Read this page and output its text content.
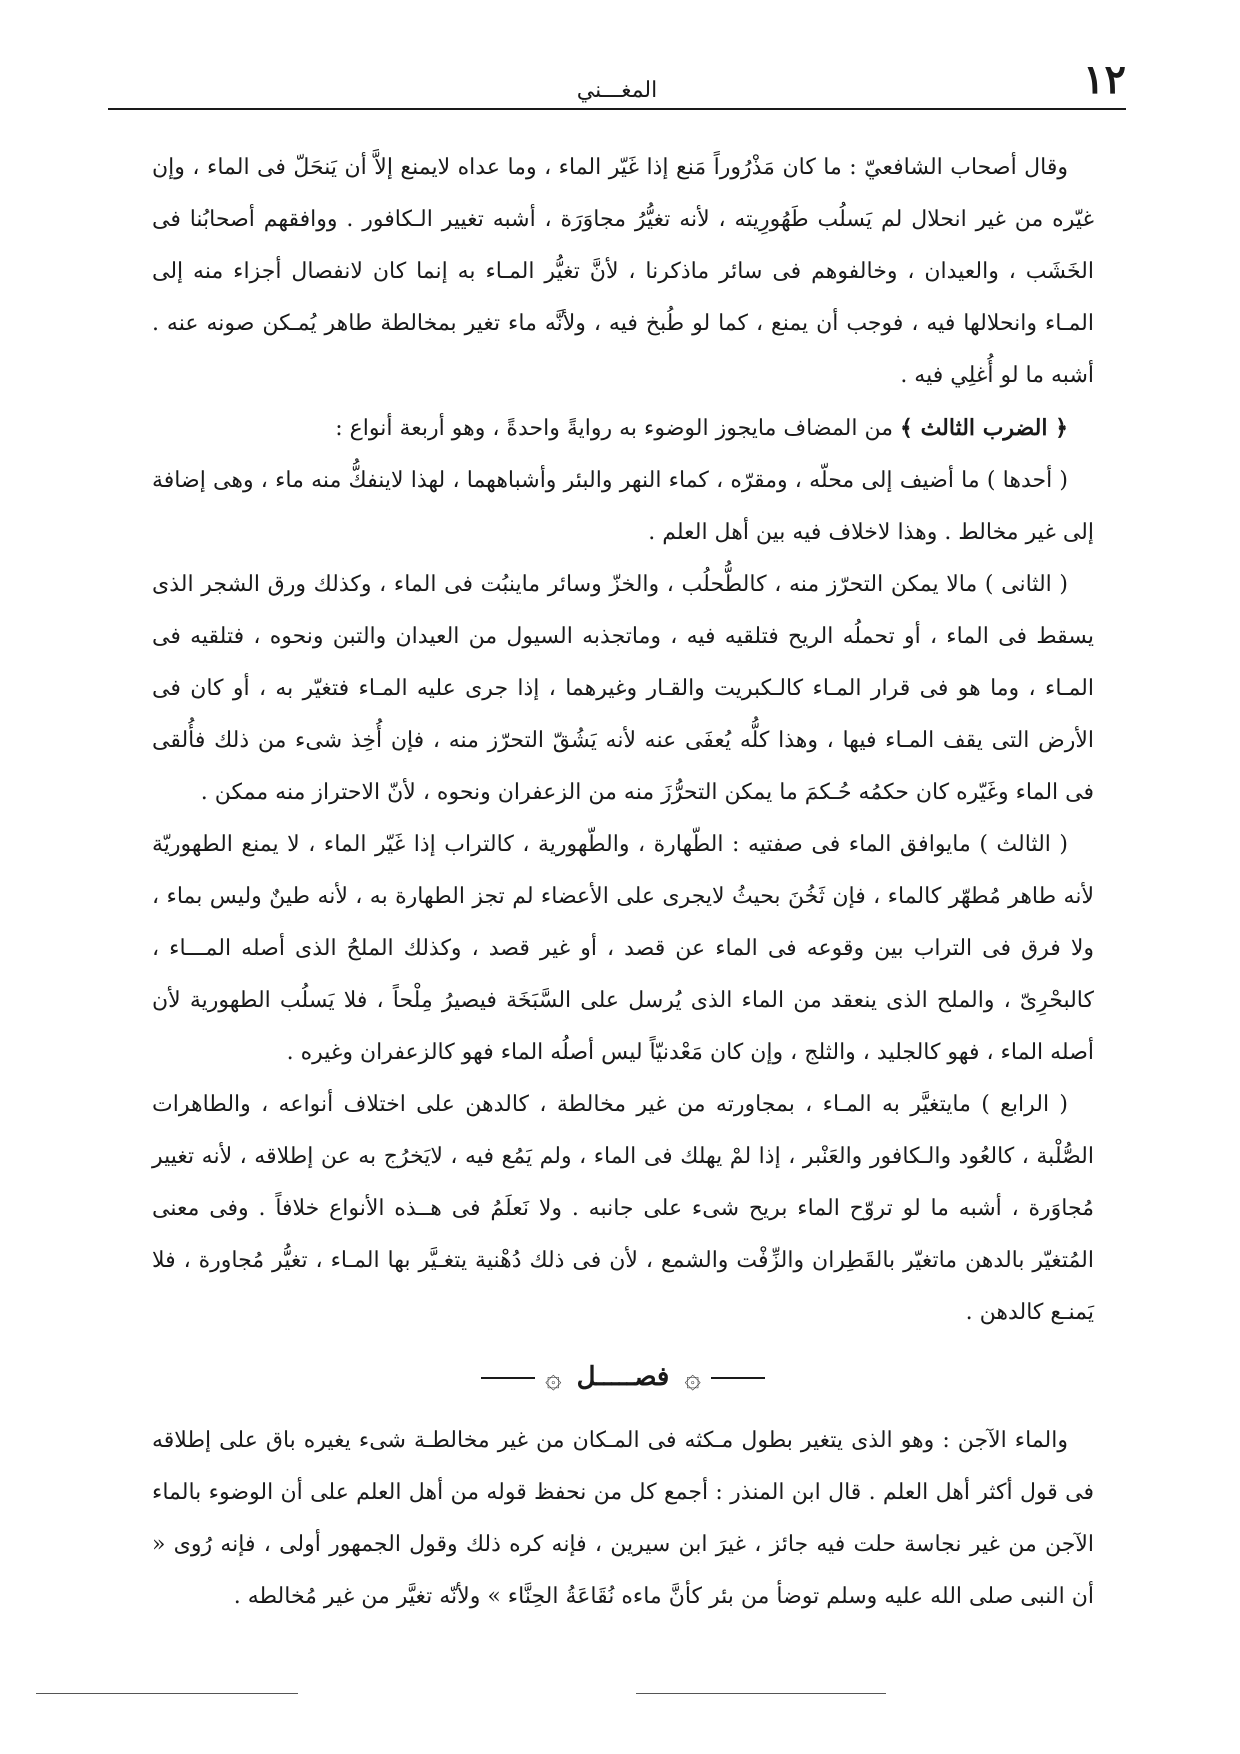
١٢
المغـــني

وقال أصحاب الشافعيّ : ما كان مَذْرُوراً مَنع إذا غَيّر الماء ، وما عداه لايمنع إلاَّ أن يَنحَلّ فى الماء ، وإن غيّره من غير انحلال لم يَسلُب طَهُورِيته ، لأنه تغيُّرُ مجاوَرَة ، أشبه تغيير الـكافور . ووافقهم أصحابُنا فى الخَشَب ، والعيدان ، وخالفوهم فى سائر ماذكرنا ، لأنَّ تغيُّر المـاء به إنما كان لانفصال أجزاء منه إلى المـاء وانحلالها فيه ، فوجب أن يمنع ، كما لو طُبخ فيه ، ولأنَّه ماء تغير بمخالطة طاهر يُمـكن صونه عنه . أشبه ما لو أُغلِي فيه .

﴿ الضرب الثالث ﴾ من المضاف مايجوز الوضوء به روايةً واحدةً ، وهو أربعة أنواع :

( أحدها ) ما أضيف إلى محلّه ، ومقرّه ، كماء النهر والبئر وأشباههما ، لهذا لاينفكُّ منه ماء ، وهى إضافة إلى غير مخالط . وهذا لاخلاف فيه بين أهل العلم .

( الثانى ) مالا يمكن التحرّز منه ، كالطُّحلُب ، والخزّ وسائر ماينبُت فى الماء ، وكذلك ورق الشجر الذى يسقط فى الماء ، أو تحملُه الريح فتلقيه فيه ، وماتجذبه السيول من العيدان والتبن ونحوه ، فتلقيه فى المـاء ، وما هو فى قرار المـاء كالـكبريت والقـار وغيرهما ، إذا جرى عليه المـاء فتغيّر به ، أو كان فى الأرض التى يقف المـاء فيها ، وهذا كلُّه يُعفَى عنه لأنه يَشُقّ التحرّز منه ، فإن أُخِذ شىء من ذلك فأُلقى فى الماء وغَيّره كان حكمُه حُـكمَ ما يمكن التحرُّزَ منه من الزعفران ونحوه ، لأنّ الاحتراز منه ممكن .

( الثالث ) مايوافق الماء فى صفتيه : الطّهارة ، والطّهورية ، كالتراب إذا غَيّر الماء ، لا يمنع الطهوريّة لأنه طاهر مُطهّر كالماء ، فإن ثَخُنَ بحيثُ لايجرى على الأعضاء لم تجز الطهارة به ، لأنه طينٌ وليس بماء ، ولا فرق فى التراب بين وقوعه فى الماء عن قصد ، أو غير قصد ، وكذلك الملحُ الذى أصله المـــاء ، كالبحْرِىّ ، والملح الذى ينعقد من الماء الذى يُرسل على السَّبَخَة فيصيرُ مِلْحاً ، فلا يَسلُب الطهورية لأن أصله الماء ، فهو كالجليد ، والثلج ، وإن كان مَعْدنيّاً ليس أصلُه الماء فهو كالزعفران وغيره .

( الرابع ) مايتغيَّر به المـاء ، بمجاورته من غير مخالطة ، كالدهن على اختلاف أنواعه ، والطاهرات الصُّلْبة ، كالعُود والـكافور والعَنْبر ، إذا لمْ يهلك فى الماء ، ولم يَمُع فيه ، لايَخرُج به عن إطلاقه ، لأنه تغيير مُجاوَرة ، أشبه ما لو تروّح الماء بريح شىء على جانبه . ولا نَعلَمُ فى هــذه الأنواع خلافاً . وفى معنى المُتغيّر بالدهن ماتغيّر بالقَطِران والزِّفْت والشمع ، لأن فى ذلك دُهْنية يتغـيَّر بها المـاء ، تغيُّر مُجاورة ، فلا يَمنـع كالدهن .

۞ فصـــــل ۞

والماء الآجن : وهو الذى يتغير بطول مـكثه فى المـكان من غير مخالطـة شىء يغيره باق على إطلاقه فى قول أكثر أهل العلم . قال ابن المنذر : أجمع كل من نحفظ قوله من أهل العلم على أن الوضوء بالماء الآجن من غير نجاسة حلت فيه جائز ، غيرَ ابن سيرين ، فإنه كره ذلك وقول الجمهور أولى ، فإنه رُوى « أن النبى صلى الله عليه وسلم توضأ من بئر كأنَّ ماءه نُقَاعَةُ الحِنَّاء » ولأنّه تغيَّر من غير مُخالطه .
